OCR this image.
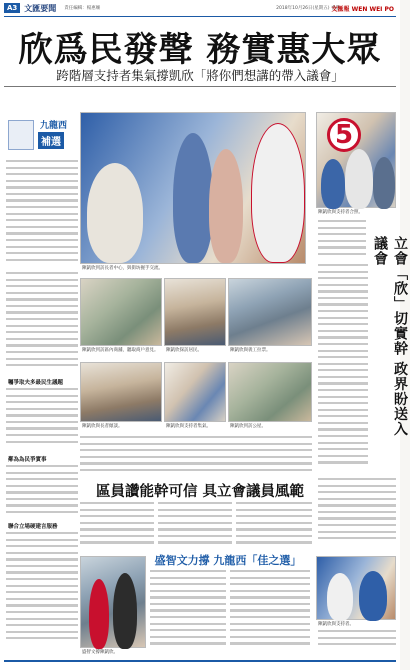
A3 文匯要聞 責任編輯：楊惠姍	2018年10月26日(星期五) 香港
文匯報 WEN WEI PO
欣爲民發聲 務實惠大眾
跨階層支持者集氣撐凱欣「將你們想講的帶入議會」
九龍西
補選
囑爭取夫多最民生議題
鄰為為民爭實事
聯合立場硬建言服務
陳凱欣到訪長者中心，與街坊握手交流。
5
陳凱欣與支持者合照。
立會「欣」切實幹 政界盼送入議會
陳凱欣到訪區內商舖，聽取商戶意見。	陳凱欣探訪居民。	陳凱欣與義工拉票。
陳凱欣與長者傾談。	陳凱欣與支持者集氣。	陳凱欣到訪公屋。
區員讚能幹可信 具立會議員風範
盛智文撐陳凱欣。
盛智文力撐 九龍西「佳之選」
陳凱欣與支持者。
